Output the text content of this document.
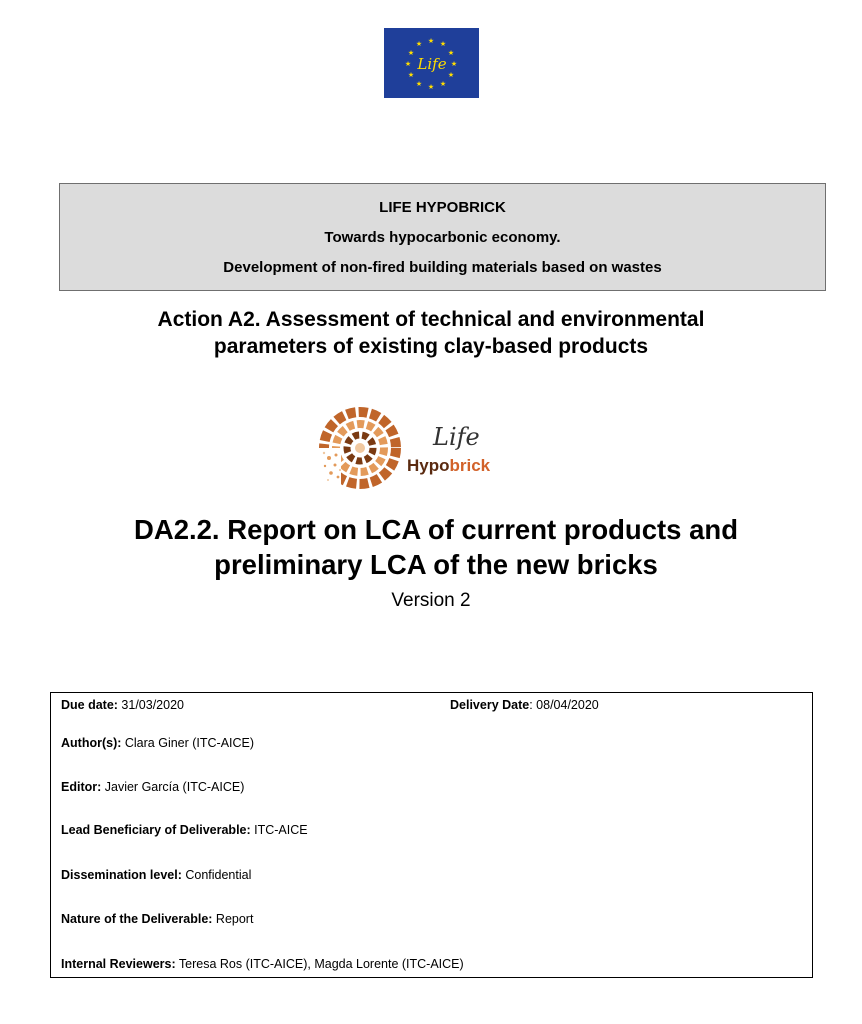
★ ★
★
★
★
★
★
★
★
★
★
★
Life
LIFE HYPOBRICK
Towards hypocarbonic economy.
Development of non-fired building materials based on wastes
Action A2. Assessment of technical and environmental
parameters of existing clay-based products
Life
Hypobrick
DA2.2. Report on LCA of current products and
preliminary LCA of the new bricks
Version 2
Due date: 31/03/2020	Delivery Date: 08/04/2020
Author(s): Clara Giner (ITC-AICE)
Editor: Javier García (ITC-AICE)
Lead Beneficiary of Deliverable: ITC-AICE
Dissemination level: Confidential
Nature of the Deliverable: Report
Internal Reviewers: Teresa Ros (ITC-AICE), Magda Lorente (ITC-AICE)
